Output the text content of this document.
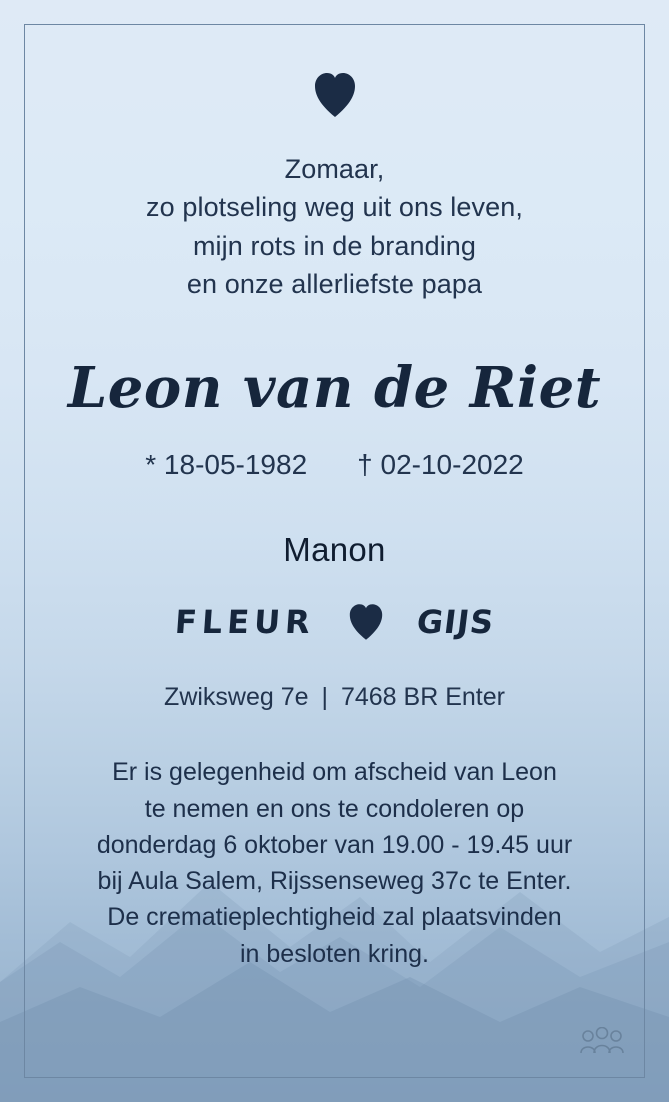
Zomaar,
zo plotseling weg uit ons leven,
mijn rots in de branding
en onze allerliefste papa
Leon van de Riet
* 18-05-1982 † 02-10-2022
Manon
FLEUR	GIJS
Zwiksweg 7e | 7468 BR Enter
Er is gelegenheid om afscheid van Leon
te nemen en ons te condoleren op
donderdag 6 oktober van 19.00 - 19.45 uur
bij Aula Salem, Rijssenseweg 37c te Enter.
De crematieplechtigheid zal plaatsvinden
in besloten kring.
